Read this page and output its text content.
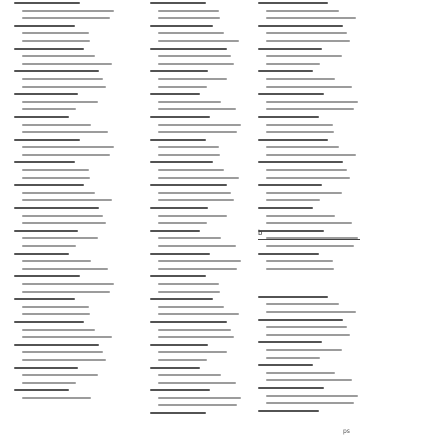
b
ps
